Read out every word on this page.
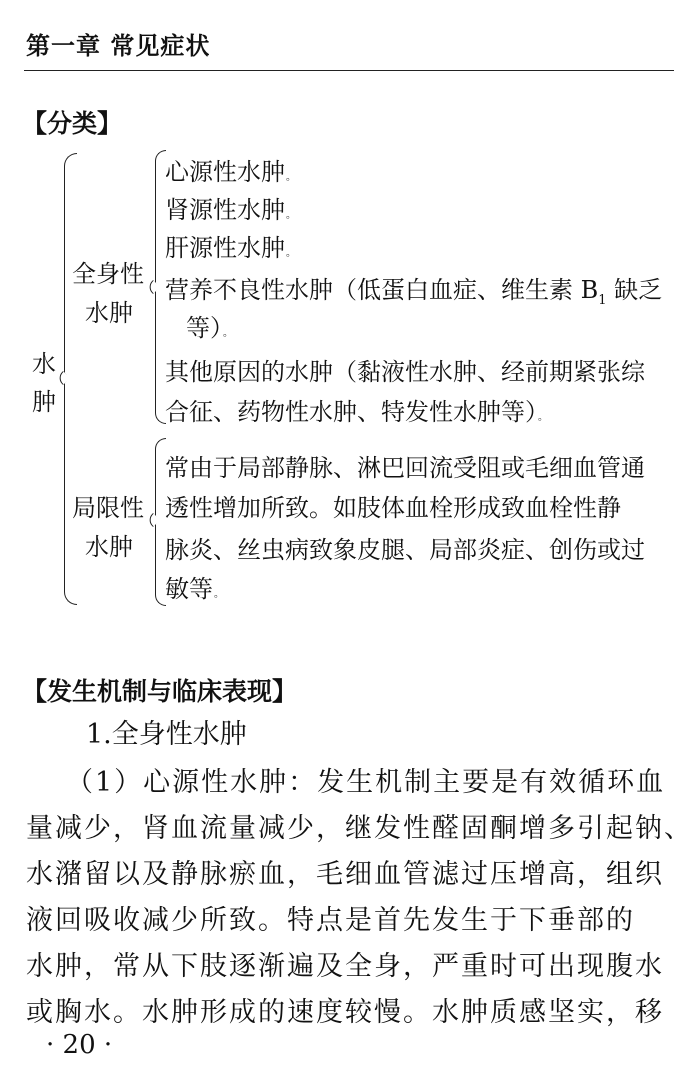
第一章 常见症状
【分类】
水
肿
全身性
水肿
心源性水肿。
肾源性水肿。
肝源性水肿。
营养不良性水肿（低蛋白血症、维生素 $B_1$ 缺乏
等）。
其他原因的水肿（黏液性水肿、经前期紧张综
合征、药物性水肿、特发性水肿等）。
局限性
水肿
常由于局部静脉、淋巴回流受阻或毛细血管通
透性增加所致。如肢体血栓形成致血栓性静
脉炎、丝虫病致象皮腿、局部炎症、创伤或过
敏等。
【发生机制与临床表现】
1.全身性水肿
（1）心源性水肿：发生机制主要是有效循环血
量减少，肾血流量减少，继发性醛固酮增多引起钠、
水潴留以及静脉瘀血，毛细血管滤过压增高，组织
液回吸收减少所致。特点是首先发生于下垂部的
水肿，常从下肢逐渐遍及全身，严重时可出现腹水
或胸水。水肿形成的速度较慢。水肿质感坚实，移
· 20 ·
